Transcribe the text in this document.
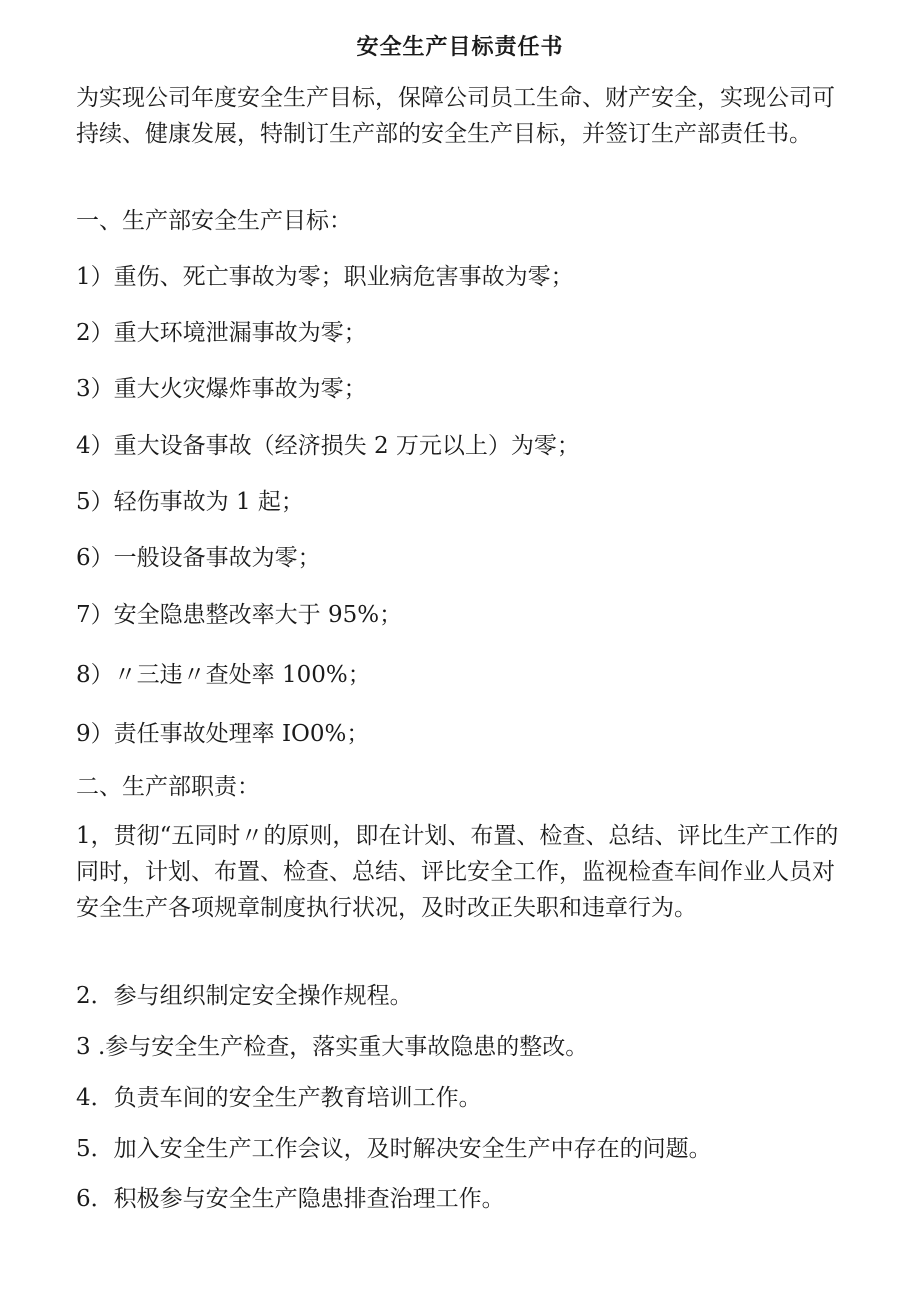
安全生产目标责任书

为实现公司年度安全生产目标，保障公司员工生命、财产安全，实现公司可持续、健康发展，特制订生产部的安全生产目标，并签订生产部责任书。

一、生产部安全生产目标：

1）重伤、死亡事故为零；职业病危害事故为零；

2）重大环境泄漏事故为零；

3）重大火灾爆炸事故为零；

4）重大设备事故（经济损失 2 万元以上）为零；

5）轻伤事故为 1 起；

6）一般设备事故为零；

7）安全隐患整改率大于 95%；

8）〃三违〃查处率 100%；

9）责任事故处理率 IO0%；

二、生产部职责：

1，贯彻“五同时〃的原则，即在计划、布置、检查、总结、评比生产工作的同时，计划、布置、检查、总结、评比安全工作，监视检查车间作业人员对安全生产各项规章制度执行状况，及时改正失职和违章行为。

2．参与组织制定安全操作规程。

3 .参与安全生产检查，落实重大事故隐患的整改。

4．负责车间的安全生产教育培训工作。

5．加入安全生产工作会议，及时解决安全生产中存在的问题。

6．积极参与安全生产隐患排查治理工作。
